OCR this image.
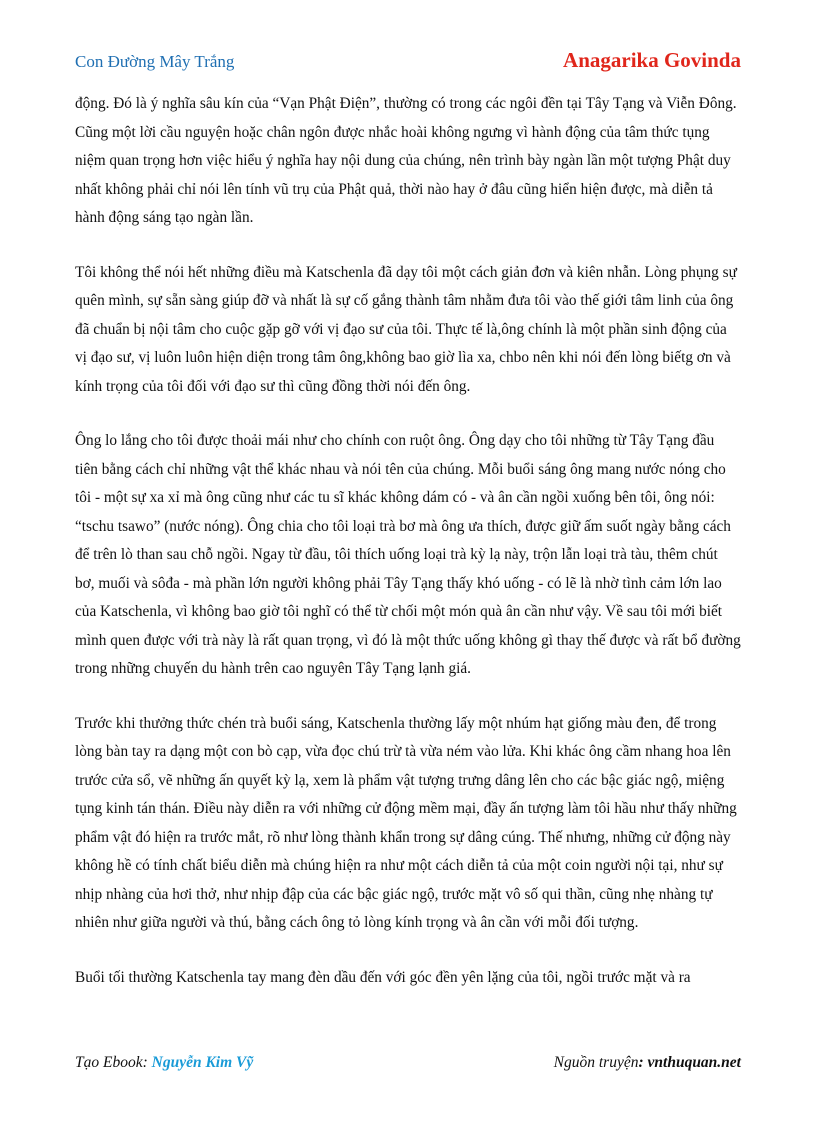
Con Đường Mây Trắng	Anagarika Govinda

động. Đó là ý nghĩa sâu kín của “Vạn Phật Điện”, thường có trong các ngôi đền tại Tây Tạng và Viễn Đông. Cũng một lời cầu nguyện hoặc chân ngôn được nhắc hoài không ngưng vì hành động của tâm thức tụng niệm quan trọng hơn việc hiểu ý nghĩa hay nội dung của chúng, nên trình bày ngàn lần một tượng Phật duy nhất không phải chỉ nói lên tính vũ trụ của Phật quả, thời nào hay ở đâu cũng hiển hiện được, mà diễn tả hành động sáng tạo ngàn lần.

Tôi không thể nói hết những điều mà Katschenla đã dạy tôi một cách giản đơn và kiên nhẫn. Lòng phụng sự quên mình, sự sẵn sàng giúp đỡ và nhất là sự cố gắng thành tâm nhằm đưa tôi vào thế giới tâm linh của ông đã chuẩn bị nội tâm cho cuộc gặp gỡ với vị đạo sư của tôi. Thực tế là,ông chính là một phần sinh động của vị đạo sư, vị luôn luôn hiện diện trong tâm ông,không bao giờ lìa xa, chbo nên khi nói đến lòng biếtg ơn và kính trọng của tôi đối với đạo sư thì cũng đồng thời nói đến ông.

Ông lo lắng cho tôi được thoải mái như cho chính con ruột ông. Ông dạy cho tôi những từ Tây Tạng đầu tiên bằng cách chỉ những vật thể khác nhau và nói tên của chúng. Mỗi buổi sáng ông mang nước nóng cho tôi - một sự xa xỉ mà ông cũng như các tu sĩ khác không dám có - và ân cần ngồi xuống bên tôi, ông nói: “tschu tsawo” (nước nóng). Ông chia cho tôi loại trà bơ mà ông ưa thích, được giữ ấm suốt ngày bằng cách để trên lò than sau chỗ ngồi. Ngay từ đầu, tôi thích uống loại trà kỳ lạ này, trộn lẫn loại trà tàu, thêm chút bơ, muối và sôđa - mà phần lớn người không phải Tây Tạng thấy khó uống - có lẽ là nhờ tình cảm lớn lao của Katschenla, vì không bao giờ tôi nghĩ có thể từ chối một món quà ân cần như vậy. Về sau tôi mới biết mình quen được với trà này là rất quan trọng, vì đó là một thức uống không gì thay thế được và rất bổ đường trong những chuyến du hành trên cao nguyên Tây Tạng lạnh giá.

Trước khi thưởng thức chén trà buổi sáng, Katschenla thường lấy một nhúm hạt giống màu đen, để trong lòng bàn tay ra dạng một con bò cạp, vừa đọc chú trừ tà vừa ném vào lửa. Khi khác ông cầm nhang hoa lên trước cửa sổ, vẽ những ấn quyết kỳ lạ, xem là phẩm vật tượng trưng dâng lên cho các bậc giác ngộ, miệng tụng kinh tán thán. Điều này diễn ra với những cử động mềm mại, đầy ấn tượng làm tôi hầu như thấy những phẩm vật đó hiện ra trước mắt, rõ như lòng thành khẩn trong sự dâng cúng. Thế nhưng, những cử động này không hề có tính chất biểu diễn mà chúng hiện ra như một cách diễn tả của một coin người nội tại, như sự nhịp nhàng của hơi thở, như nhịp đập của các bậc giác ngộ, trước mặt vô số qui thần, cũng nhẹ nhàng tự nhiên như giữa người và thú, bằng cách ông tỏ lòng kính trọng và ân cần với mỗi đối tượng.

Buổi tối thường Katschenla tay mang đèn dầu đến với góc đền yên lặng của tôi, ngồi trước mặt và ra

Tạo Ebook: Nguyễn Kim Vỹ	Nguồn truyện: vnthuquan.net
